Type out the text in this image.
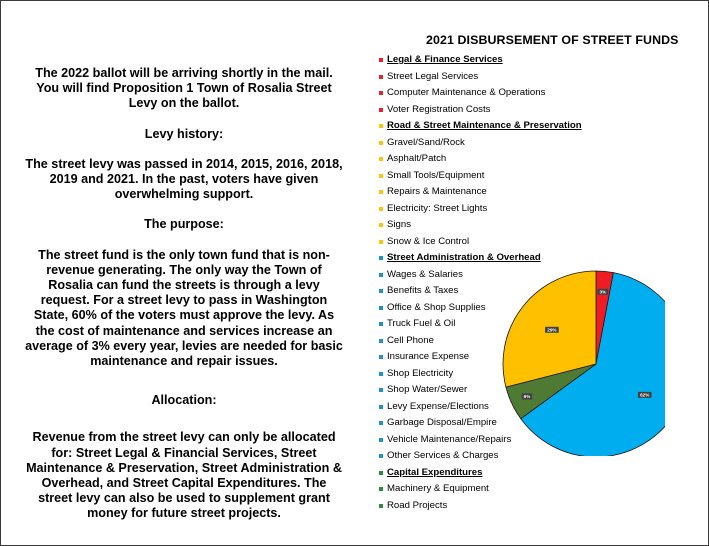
The 2022 ballot will be arriving shortly in the mail. You will find Proposition 1 Town of Rosalia Street Levy on the ballot.

Levy history:

The street levy was passed in 2014, 2015, 2016, 2018, 2019 and 2021. In the past, voters have given overwhelming support.

The purpose:

The street fund is the only town fund that is non-revenue generating. The only way the Town of Rosalia can fund the streets is through a levy request. For a street levy to pass in Washington State, 60% of the voters must approve the levy. As the cost of maintenance and services increase an average of 3% every year, levies are needed for basic maintenance and repair issues.

Allocation:

Revenue from the street levy can only be allocated for: Street Legal & Financial Services, Street Maintenance & Preservation, Street Administration & Overhead, and Street Capital Expenditures. The street levy can also be used to supplement grant money for future street projects.

2021 DISBURSEMENT OF STREET FUNDS
Legal & Finance Services
Street Legal Services
Computer Maintenance & Operations
Voter Registration Costs
Road & Street Maintenance & Preservation
Gravel/Sand/Rock
Asphalt/Patch
Small Tools/Equipment
Repairs & Maintenance
Electricity: Street Lights
Signs
Snow & Ice Control
Street Administration & Overhead
Wages & Salaries
Benefits & Taxes
Office & Shop Supplies
Truck Fuel & Oil
Cell Phone
Insurance Expense
Shop Electricity
Shop Water/Sewer
Levy Expense/Elections
Garbage Disposal/Empire
Vehicle Maintenance/Repairs
Other Services & Charges
Capital Expenditures
Machinery & Equipment
Road Projects
3%
62%
6%
29%
